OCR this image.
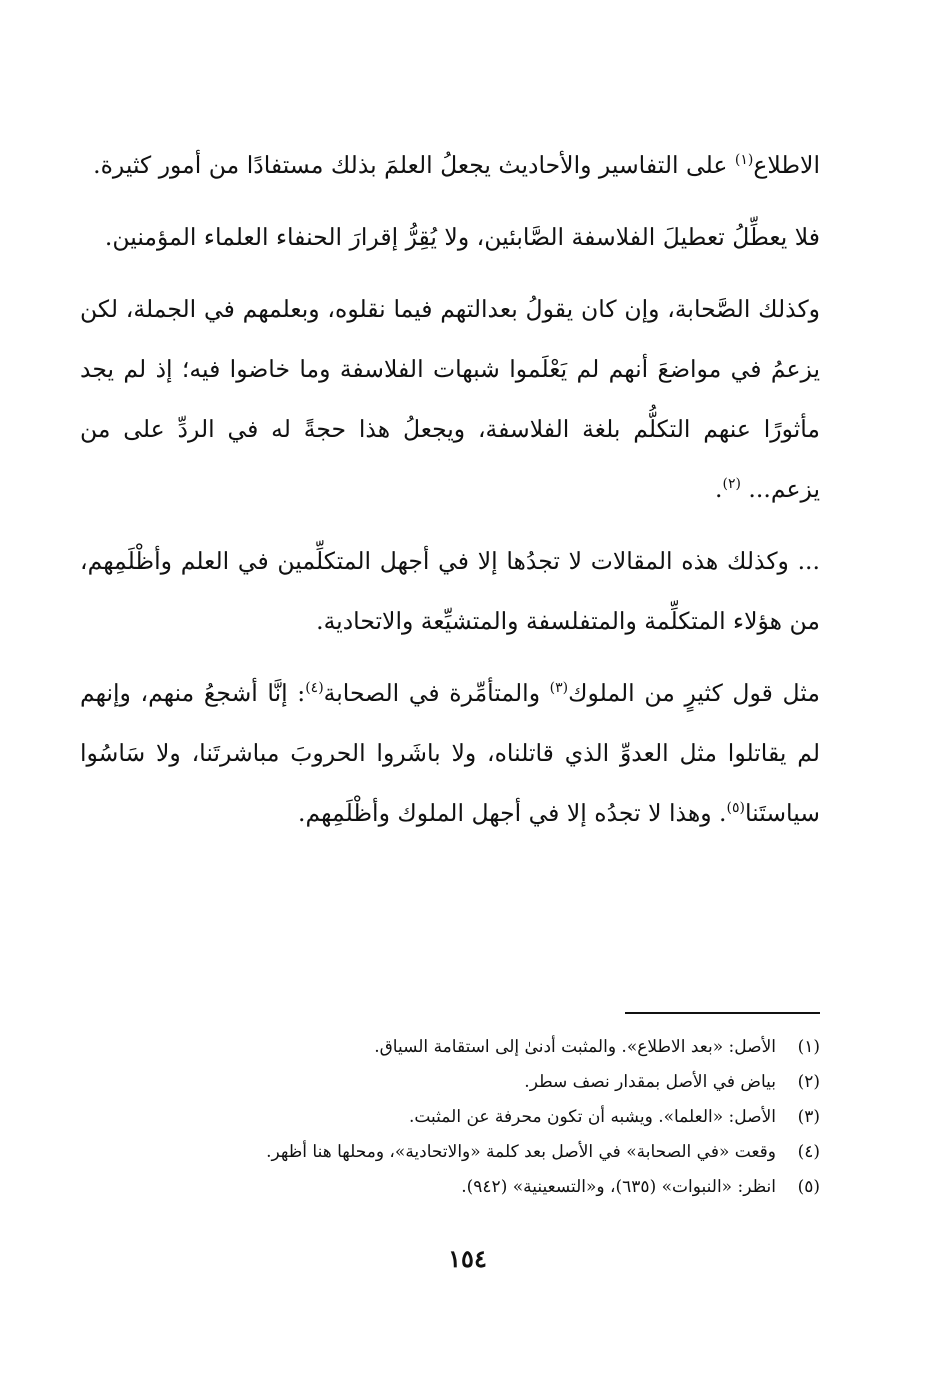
الاطلاع$^{(١)}$ على التفاسير والأحاديث يجعلُ العلمَ بذلك مستفادًا من أمور كثيرة.

فلا يعطِّلُ تعطيلَ الفلاسفة الصَّابئين، ولا يُقِرُّ إقرارَ الحنفاء العلماء المؤمنين.

وكذلك الصَّحابة، وإن كان يقولُ بعدالتهم فيما نقلوه، وبعلمهم في الجملة، لكن يزعمُ في مواضعَ أنهم لم يَعْلَموا شبهات الفلاسفة وما خاضوا فيه؛ إذ لم يجد مأثورًا عنهم التكلُّم بلغة الفلاسفة، ويجعلُ هذا حجةً له في الردِّ على من يزعم... $^{(٢)}$.

... وكذلك هذه المقالات لا تجدُها إلا في أجهل المتكلِّمين في العلم وأظْلَمِهم، من هؤلاء المتكلِّمة والمتفلسفة والمتشيِّعة والاتحادية.

مثل قول كثيرٍ من الملوك$^{(٣)}$ والمتأمِّرة في الصحابة$^{(٤)}$: إنَّا أشجعُ منهم، وإنهم لم يقاتلوا مثل العدوِّ الذي قاتلناه، ولا باشَروا الحروبَ مباشرتَنا، ولا سَاسُوا سياستَنا$^{(٥)}$. وهذا لا تجدُه إلا في أجهل الملوك وأظْلَمِهم.

(١)
الأصل: «بعد الاطلاع». والمثبت أدنىٰ إلى استقامة السياق.
(٢)
بياض في الأصل بمقدار نصف سطر.
(٣)
الأصل: «العلما». ويشبه أن تكون محرفة عن المثبت.
(٤)
وقعت «في الصحابة» في الأصل بعد كلمة «والاتحادية»، ومحلها هنا أظهر.
(٥)
انظر: «النبوات» (٦٣٥)، و«التسعينية» (٩٤٢).
١٥٤
